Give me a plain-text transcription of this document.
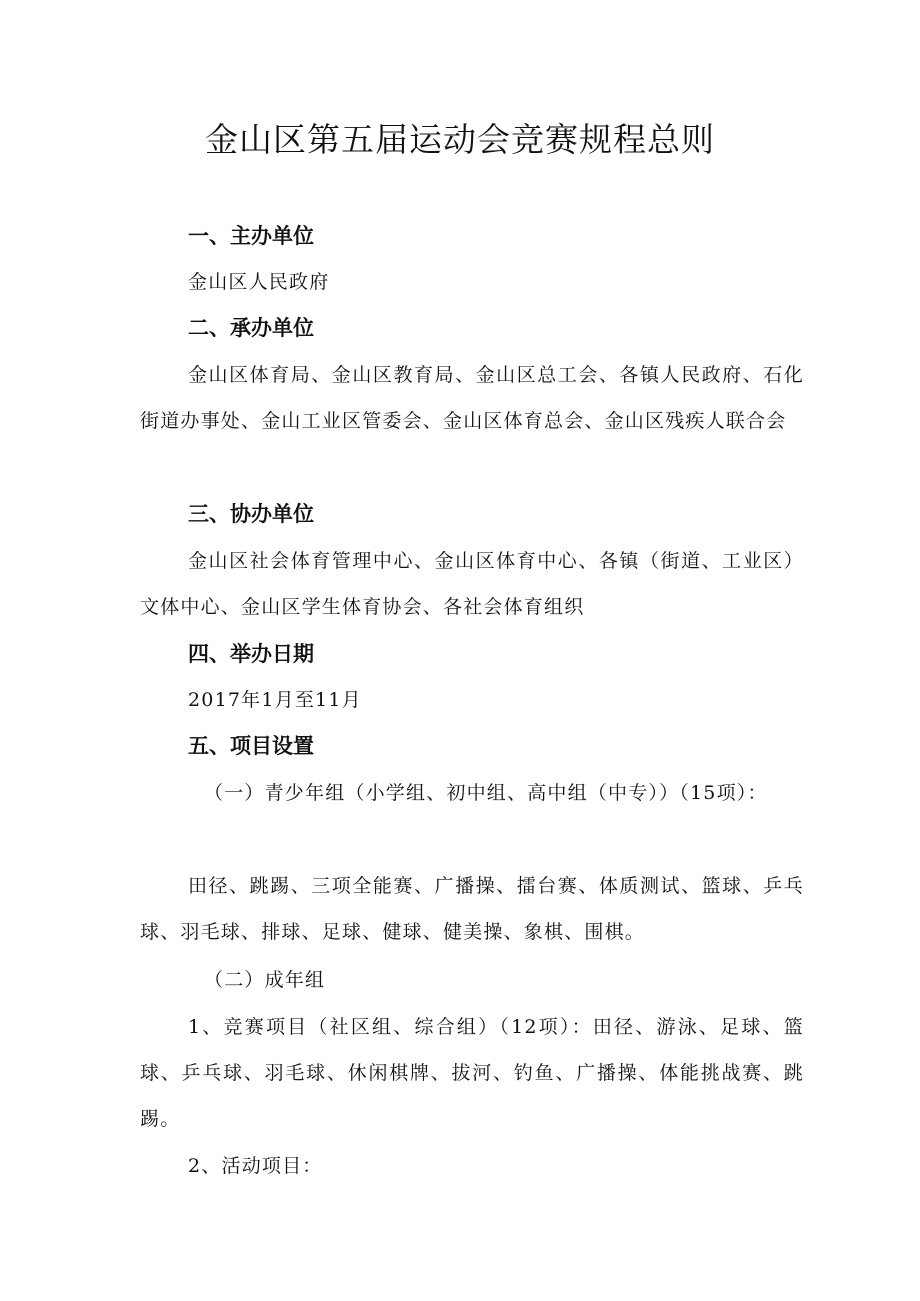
金山区第五届运动会竞赛规程总则
一、主办单位
金山区人民政府
二、承办单位
金山区体育局、金山区教育局、金山区总工会、各镇人民政府、石化街道办事处、金山工业区管委会、金山区体育总会、金山区残疾人联合会
三、协办单位
金山区社会体育管理中心、金山区体育中心、各镇（街道、工业区）文体中心、金山区学生体育协会、各社会体育组织
四、举办日期
2017年1月至11月
五、项目设置
（一）青少年组（小学组、初中组、高中组（中专））（15项）：
田径、跳踢、三项全能赛、广播操、擂台赛、体质测试、篮球、乒乓球、羽毛球、排球、足球、健球、健美操、象棋、围棋。
（二）成年组
1、竞赛项目（社区组、综合组）（12项）：田径、游泳、足球、篮球、乒乓球、羽毛球、休闲棋牌、拔河、钓鱼、广播操、体能挑战赛、跳踢。
2、活动项目：
